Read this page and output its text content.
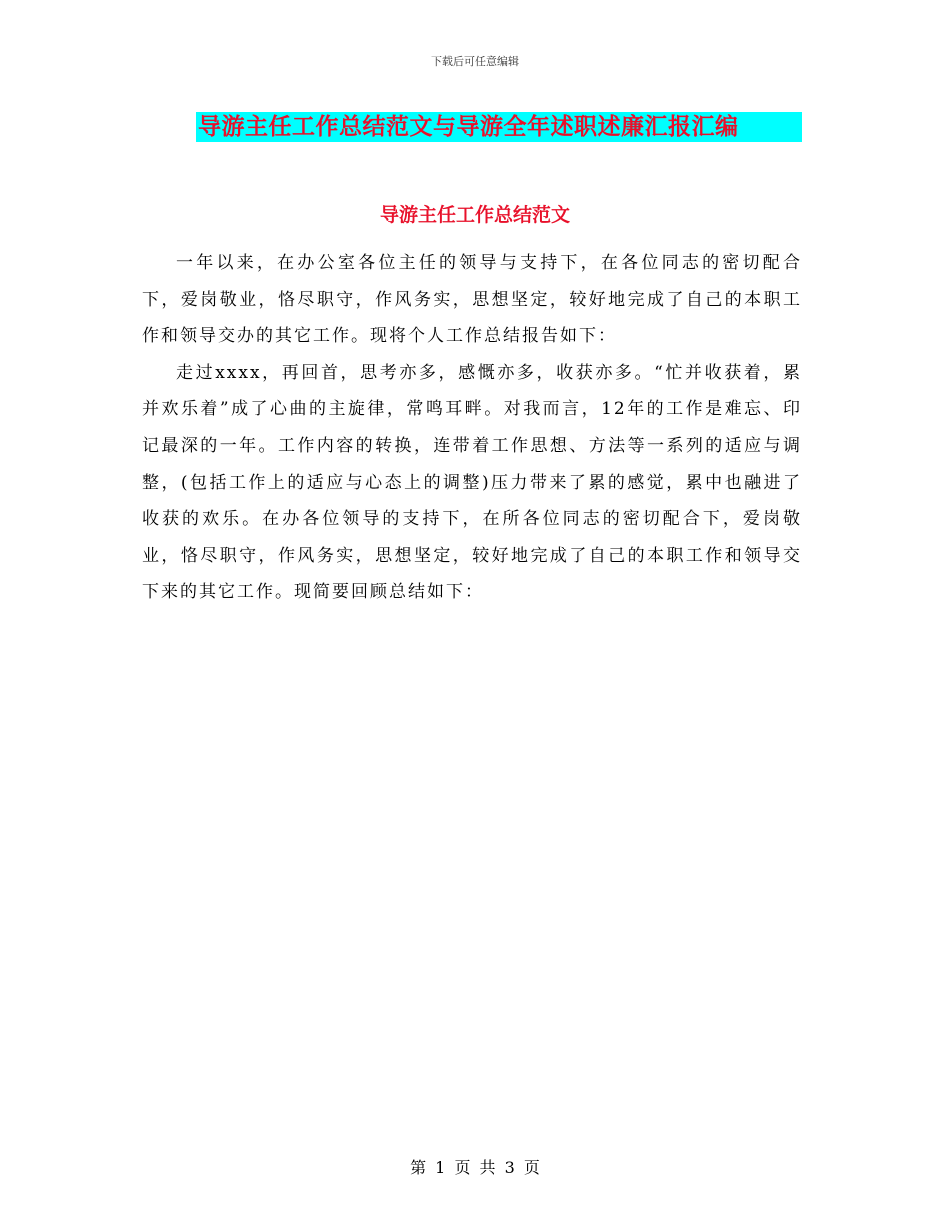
下载后可任意编辑
导游主任工作总结范文与导游全年述职述廉汇报汇编
导游主任工作总结范文

一年以来，在办公室各位主任的领导与支持下，在各位同志的密切配合下，爱岗敬业，恪尽职守，作风务实，思想坚定，较好地完成了自己的本职工作和领导交办的其它工作。现将个人工作总结报告如下：

走过xxxx，再回首，思考亦多，感慨亦多，收获亦多。“忙并收获着，累并欢乐着”成了心曲的主旋律，常鸣耳畔。对我而言，12年的工作是难忘、印记最深的一年。工作内容的转换，连带着工作思想、方法等一系列的适应与调整，(包括工作上的适应与心态上的调整)压力带来了累的感觉，累中也融进了收获的欢乐。在办各位领导的支持下，在所各位同志的密切配合下，爱岗敬业，恪尽职守，作风务实，思想坚定，较好地完成了自己的本职工作和领导交下来的其它工作。现简要回顾总结如下：

第 1 页 共 3 页
